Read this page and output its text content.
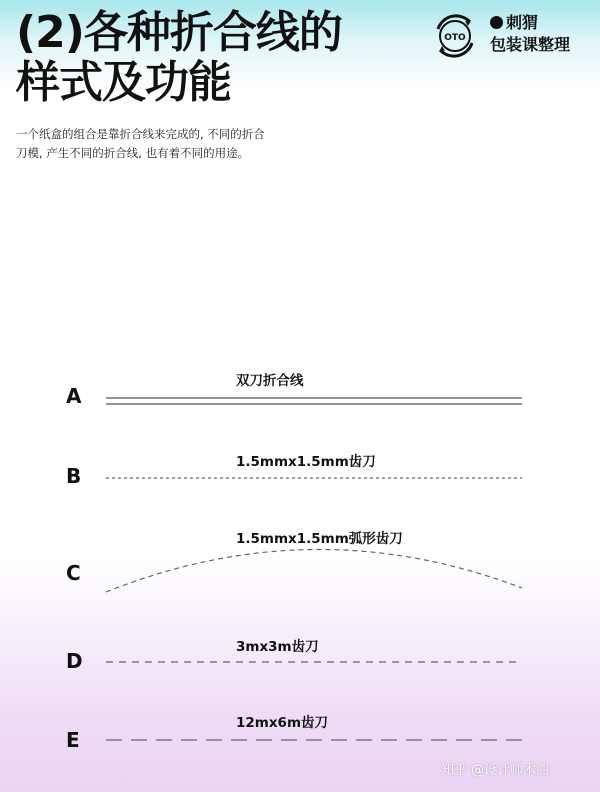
(2)各种折合线的
样式及功能
OTO
刺猬
包装课整理
一个纸盒的组合是靠折合线来完成的, 不同的折合
刀模, 产生不同的折合线, 也有着不同的用途。
A
双刀折合线
B
1.5mmx1.5mm齿刀
C
1.5mmx1.5mm弧形齿刀
D
3mx3m齿刀
E
12mx6m齿刀
知乎 @设计师木西
